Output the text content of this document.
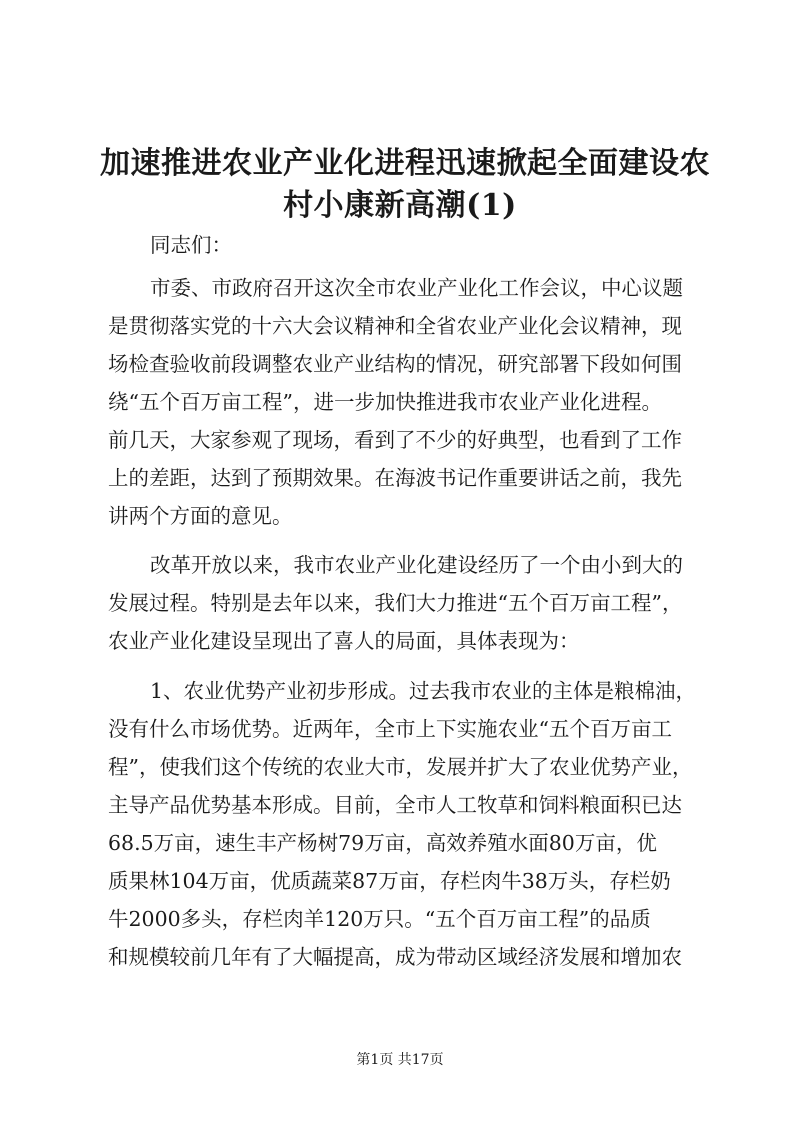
加速推进农业产业化进程迅速掀起全面建设农
村小康新高潮(1)
同志们：
市委、市政府召开这次全市农业产业化工作会议，中心议题
是贯彻落实党的十六大会议精神和全省农业产业化会议精神，现
场检查验收前段调整农业产业结构的情况，研究部署下段如何围
绕“五个百万亩工程”，进一步加快推进我市农业产业化进程。
前几天，大家参观了现场，看到了不少的好典型，也看到了工作
上的差距，达到了预期效果。在海波书记作重要讲话之前，我先
讲两个方面的意见。
改革开放以来，我市农业产业化建设经历了一个由小到大的
发展过程。特别是去年以来，我们大力推进“五个百万亩工程”，
农业产业化建设呈现出了喜人的局面，具体表现为：
1、农业优势产业初步形成。过去我市农业的主体是粮棉油，
没有什么市场优势。近两年，全市上下实施农业“五个百万亩工
程”，使我们这个传统的农业大市，发展并扩大了农业优势产业，
主导产品优势基本形成。目前，全市人工牧草和饲料粮面积已达
68.5万亩，速生丰产杨树79万亩，高效养殖水面80万亩，优
质果林104万亩，优质蔬菜87万亩，存栏肉牛38万头，存栏奶
牛2000多头，存栏肉羊120万只。“五个百万亩工程”的品质
和规模较前几年有了大幅提高，成为带动区域经济发展和增加农
第1页 共17页
